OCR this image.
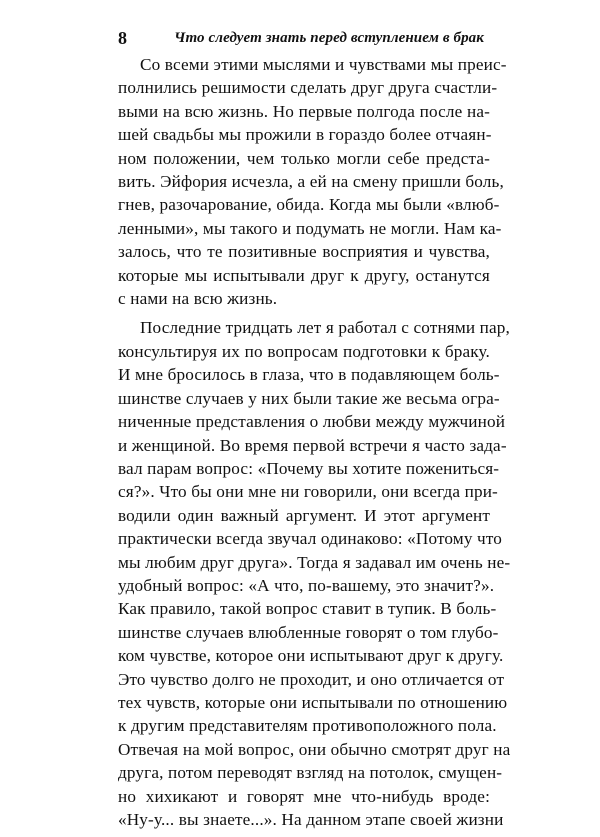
8	Что следует знать перед вступлением в брак
Со всеми этими мыслями и чувствами мы преис-
полнились решимости сделать друг друга счастли-
выми на всю жизнь. Но первые полгода после на-
шей свадьбы мы прожили в гораздо более отчаян-
ном положении, чем только могли себе предста-
вить. Эйфория исчезла, а ей на смену пришли боль,
гнев, разочарование, обида. Когда мы были «влюб-
ленными», мы такого и подумать не могли. Нам ка-
залось, что те позитивные восприятия и чувства,
которые мы испытывали друг к другу, останутся
с нами на всю жизнь.
Последние тридцать лет я работал с сотнями пар,
консультируя их по вопросам подготовки к браку.
И мне бросилось в глаза, что в подавляющем боль-
шинстве случаев у них были такие же весьма огра-
ниченные представления о любви между мужчиной
и женщиной. Во время первой встречи я часто зада-
вал парам вопрос: «Почему вы хотите пожениться-
ся?». Что бы они мне ни говорили, они всегда при-
водили один важный аргумент. И этот аргумент
практически всегда звучал одинаково: «Потому что
мы любим друг друга». Тогда я задавал им очень не-
удобный вопрос: «А что, по-вашему, это значит?».
Как правило, такой вопрос ставит в тупик. В боль-
шинстве случаев влюбленные говорят о том глубо-
ком чувстве, которое они испытывают друг к другу.
Это чувство долго не проходит, и оно отличается от
тех чувств, которые они испытывали по отношению
к другим представителям противоположного пола.
Отвечая на мой вопрос, они обычно смотрят друг на
друга, потом переводят взгляд на потолок, смущен-
но хихикают и говорят мне что-нибудь вроде:
«Ну-у... вы знаете...». На данном этапе своей жизни
